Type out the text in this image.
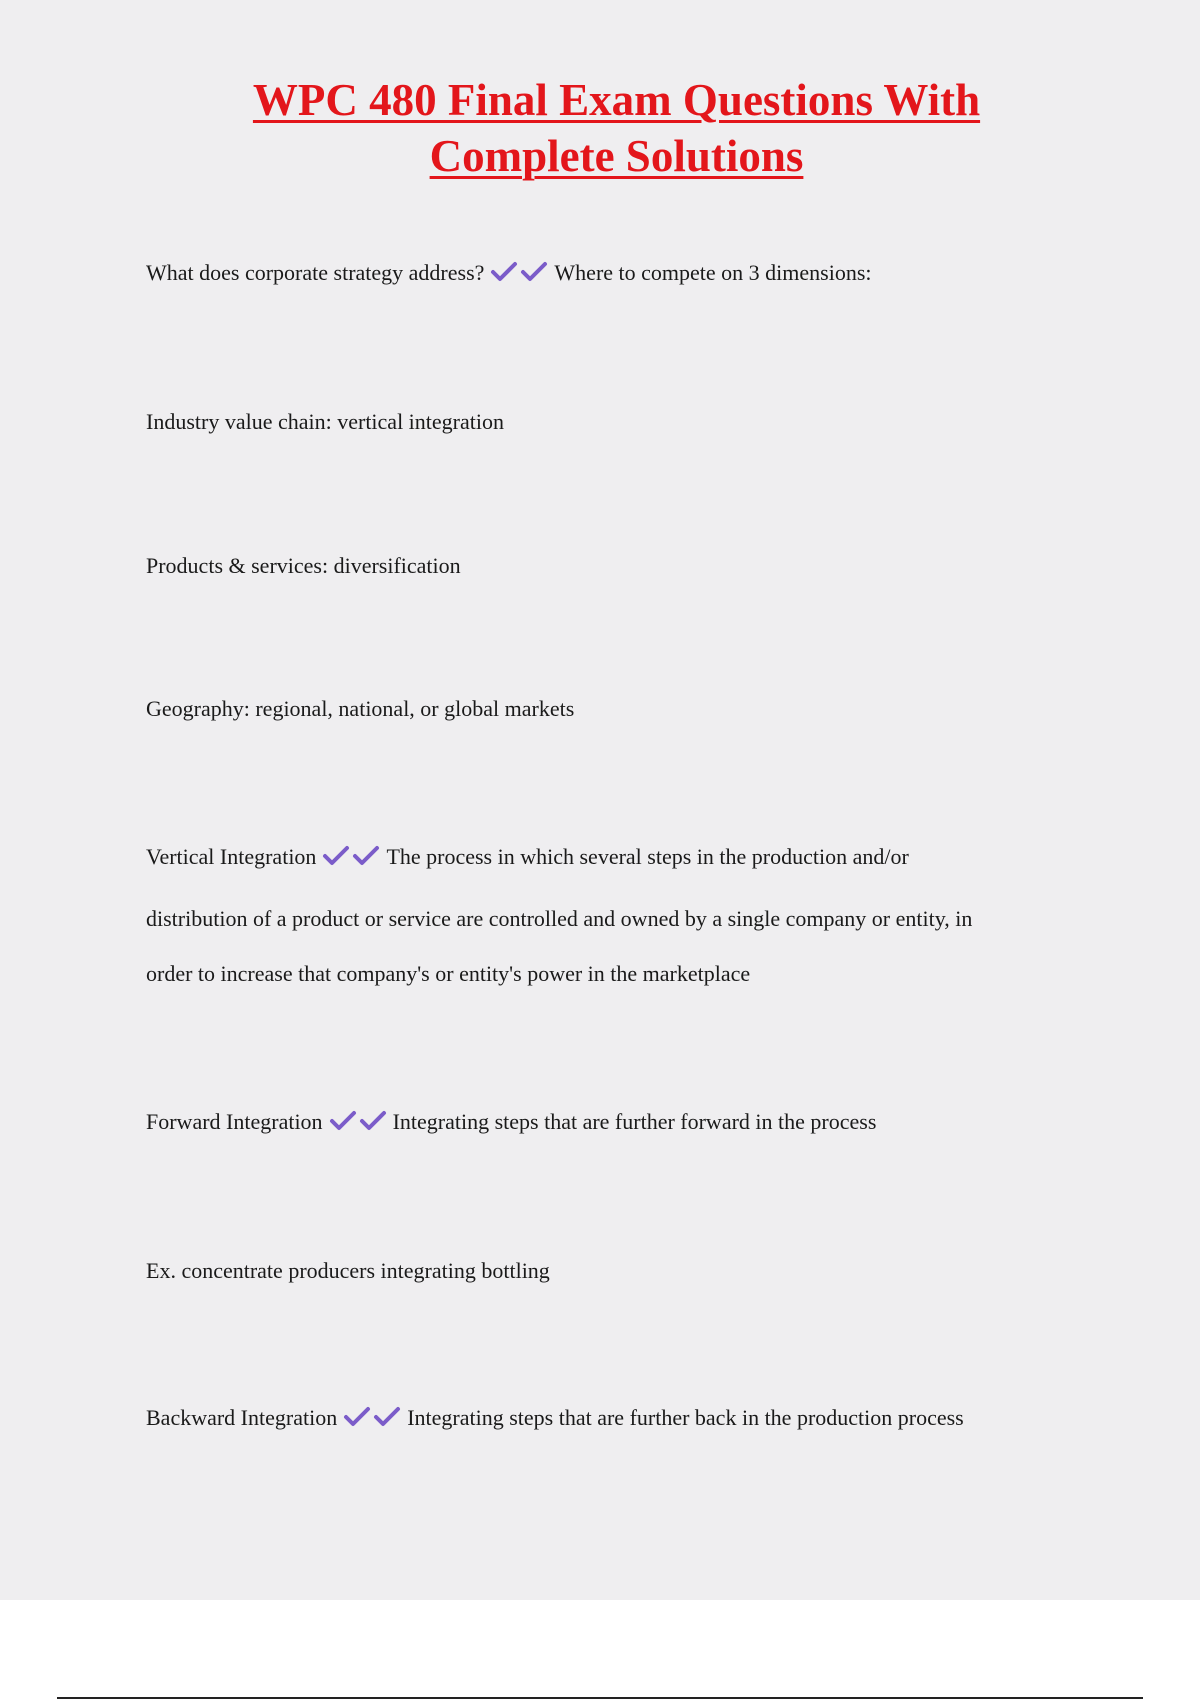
WPC 480 Final Exam Questions With
Complete Solutions

What does corporate strategy address?	Where to compete on 3 dimensions:

Industry value chain: vertical integration

Products & services: diversification

Geography: regional, national, or global markets

Vertical Integration	The process in which several steps in the production and/or

distribution of a product or service are controlled and owned by a single company or entity, in

order to increase that company's or entity's power in the marketplace

Forward Integration	Integrating steps that are further forward in the process

Ex. concentrate producers integrating bottling

Backward Integration	Integrating steps that are further back in the production process
